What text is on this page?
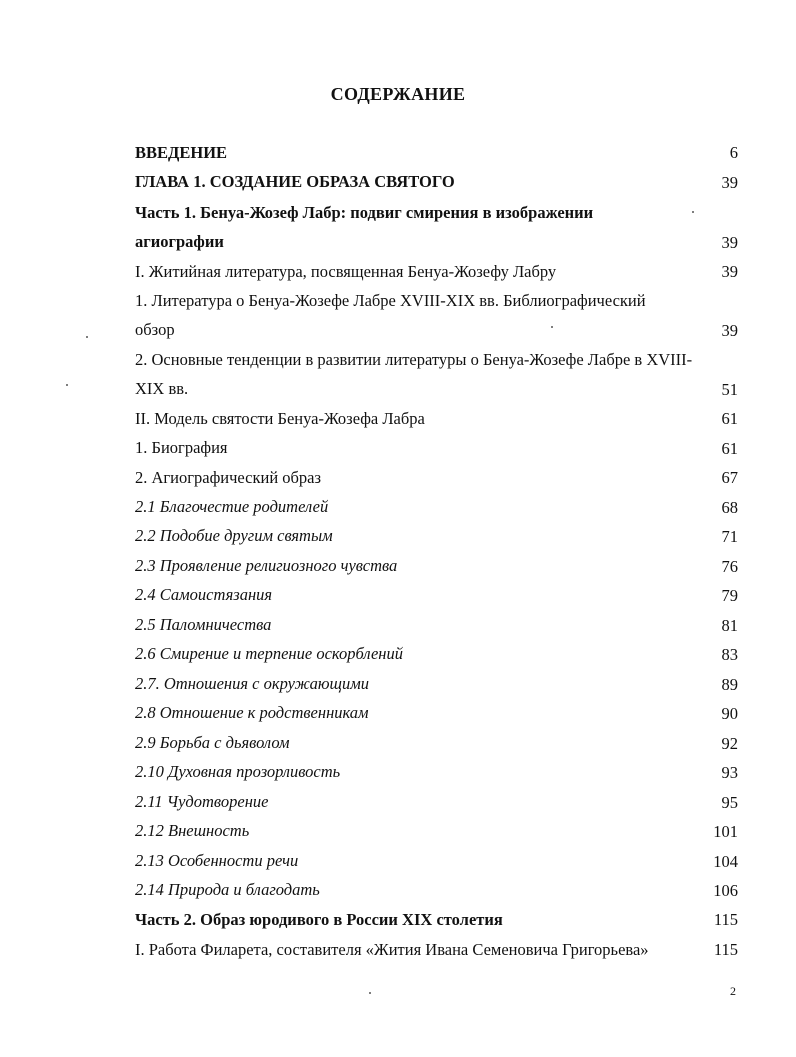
СОДЕРЖАНИЕ
ВВЕДЕНИЕ	6
ГЛАВА 1. СОЗДАНИЕ ОБРАЗА СВЯТОГО	39
Часть 1. Бенуа-Жозеф Лабр: подвиг смирения в изображении
агиографии	39
I. Житийная литература, посвященная Бенуа-Жозефу Лабру	39
1. Литература о Бенуа-Жозефе Лабре XVIII-XIX вв. Библиографический
обзор	39
2. Основные тенденции в развитии литературы о Бенуа-Жозефе Лабре в XVIII-
XIX вв.	51
II. Модель святости Бенуа-Жозефа Лабра	61
1. Биография	61
2. Агиографический образ	67
2.1 Благочестие родителей	68
2.2 Подобие другим святым	71
2.3 Проявление религиозного чувства	76
2.4 Самоистязания	79
2.5 Паломничества	81
2.6 Смирение и терпение оскорблений	83
2.7. Отношения с окружающими	89
2.8 Отношение к родственникам	90
2.9 Борьба с дьяволом	92
2.10 Духовная прозорливость	93
2.11 Чудотворение	95
2.12 Внешность	101
2.13 Особенности речи	104
2.14 Природа и благодать	106
Часть 2. Образ юродивого в России XIX столетия	115
I. Работа Филарета, составителя «Жития Ивана Семеновича Григорьева»	115
2
